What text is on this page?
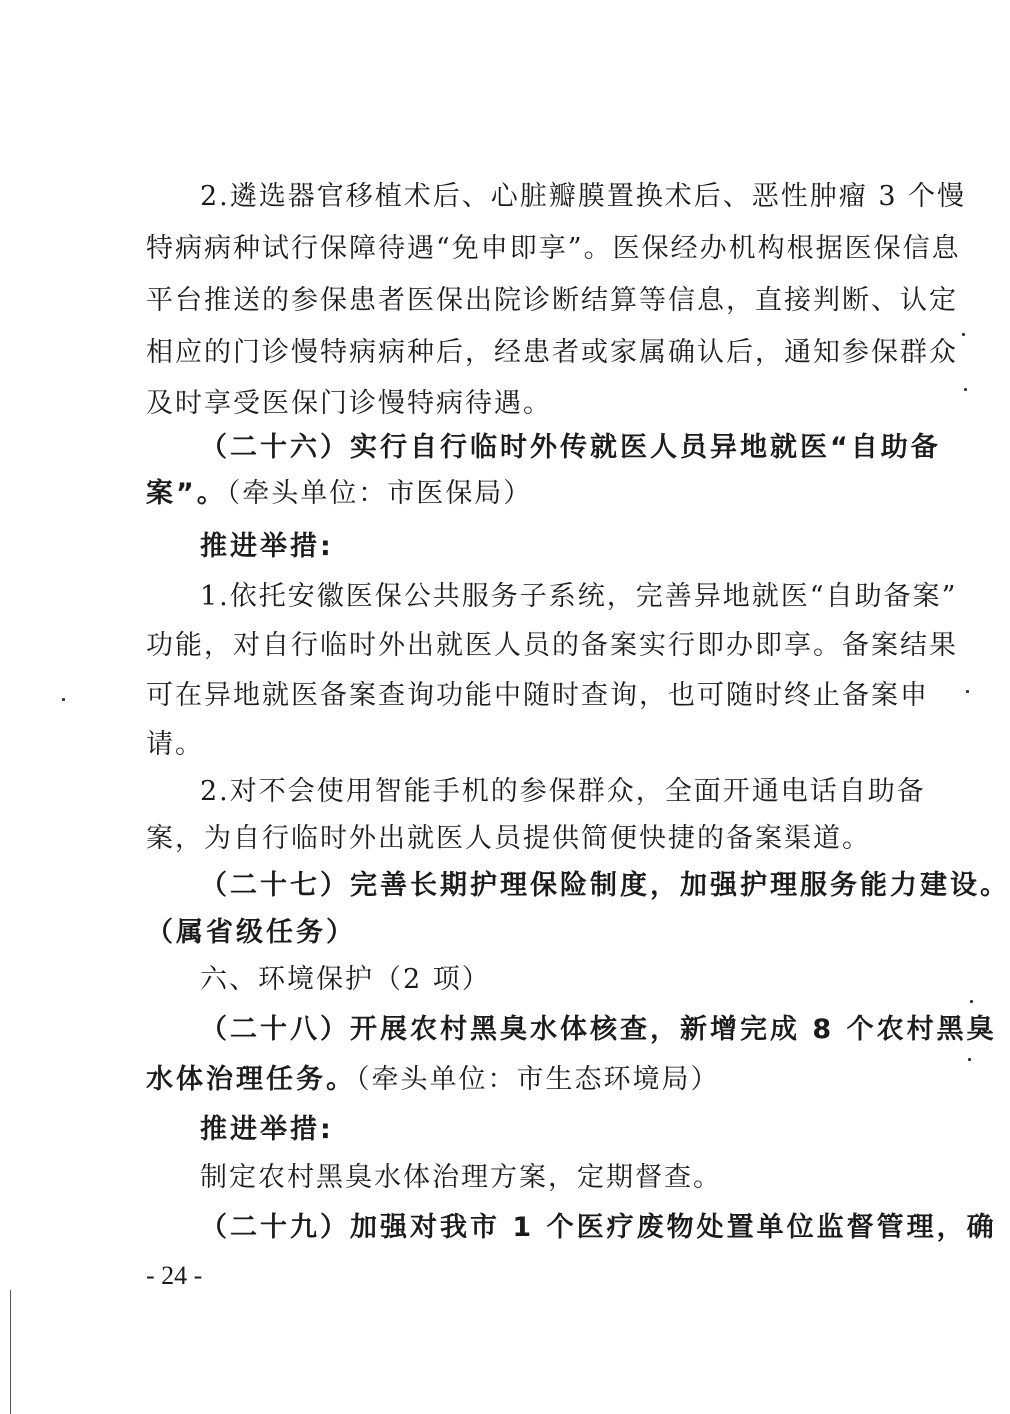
2.遴选器官移植术后、心脏瓣膜置换术后、恶性肿瘤 3 个慢
特病病种试行保障待遇“免申即享”。医保经办机构根据医保信息
平台推送的参保患者医保出院诊断结算等信息，直接判断、认定
相应的门诊慢特病病种后，经患者或家属确认后，通知参保群众
及时享受医保门诊慢特病待遇。
（二十六）实行自行临时外传就医人员异地就医“自助备
案”。（牵头单位：市医保局）
推进举措:
1.依托安徽医保公共服务子系统，完善异地就医“自助备案”
功能，对自行临时外出就医人员的备案实行即办即享。备案结果
可在异地就医备案查询功能中随时查询，也可随时终止备案申
请。
2.对不会使用智能手机的参保群众，全面开通电话自助备
案，为自行临时外出就医人员提供简便快捷的备案渠道。
（二十七）完善长期护理保险制度，加强护理服务能力建设。
（属省级任务）
六、环境保护（2 项）
（二十八）开展农村黑臭水体核查，新增完成 8 个农村黑臭
水体治理任务。（牵头单位：市生态环境局）
推进举措:
制定农村黑臭水体治理方案，定期督查。
（二十九）加强对我市 1 个医疗废物处置单位监督管理，确
- 24 -
